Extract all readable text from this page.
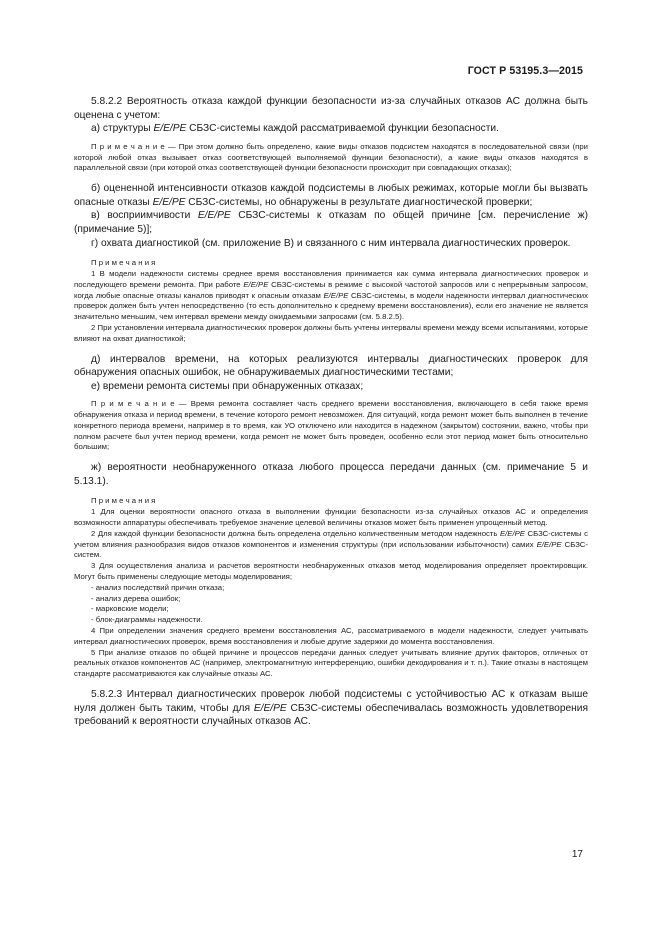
ГОСТ Р 53195.3—2015

5.8.2.2 Вероятность отказа каждой функции безопасности из-за случайных отказов АС должна быть оценена с учетом:

а) структуры E/E/PE СБЗС-системы каждой рассматриваемой функции безопасности.

П р и м е ч а н и е — При этом должно быть определено, какие виды отказов подсистем находятся в последовательной связи (при которой любой отказ вызывает отказ соответствующей выполняемой функции безопасности), а какие виды отказов находятся в параллельной связи (при которой отказ соответствующей функции безопасности происходит при совпадающих отказах);

б) оцененной интенсивности отказов каждой подсистемы в любых режимах, которые могли бы вызвать опасные отказы E/E/PE СБЗС-системы, но обнаружены в результате диагностической проверки;

в) восприимчивости E/E/PE СБЗС-системы к отказам по общей причине [см. перечисление ж) (примечание 5)];

г) охвата диагностикой (см. приложение В) и связанного с ним интервала диагностических проверок.

П р и м е ч а н и я

1 В модели надежности системы среднее время восстановления принимается как сумма интервала диагностических проверок и последующего времени ремонта. При работе E/E/PE СБЗС-системы в режиме с высокой частотой запросов или с непрерывным запросом, когда любые опасные отказы каналов приводят к опасным отказам E/E/PE СБЗС-системы, в модели надежности интервал диагностических проверок должен быть учтен непосредственно (то есть дополнительно к среднему времени восстановления), если его значение не является значительно меньшим, чем интервал времени между ожидаемыми запросами (см. 5.8.2.5).

2 При установлении интервала диагностических проверок должны быть учтены интервалы времени между всеми испытаниями, которые влияют на охват диагностикой;

д) интервалов времени, на которых реализуются интервалы диагностических проверок для обнаружения опасных ошибок, не обнаруживаемых диагностическими тестами;

е) времени ремонта системы при обнаруженных отказах;

П р и м е ч а н и е — Время ремонта составляет часть среднего времени восстановления, включающего в себя также время обнаружения отказа и период времени, в течение которого ремонт невозможен. Для ситуаций, когда ремонт может быть выполнен в течение конкретного периода времени, например в то время, как УО отключено или находится в надежном (закрытом) состоянии, важно, чтобы при полном расчете был учтен период времени, когда ремонт не может быть проведен, особенно если этот период может быть относительно большим;

ж) вероятности необнаруженного отказа любого процесса передачи данных (см. примечание 5 и 5.13.1).

П р и м е ч а н и я

1 Для оценки вероятности опасного отказа в выполнении функции безопасности из-за случайных отказов АС и определения возможности аппаратуры обеспечивать требуемое значение целевой величины отказов может быть применен упрощенный метод.

2 Для каждой функции безопасности должна быть определена отдельно количественным методом надежность E/E/PE СБЗС-системы с учетом влияния разнообразия видов отказов компонентов и изменения структуры (при использовании избыточности) самих E/E/PE СБЗС-систем.

3 Для осуществления анализа и расчетов вероятности необнаруженных отказов метод моделирования определяет проектировщик. Могут быть применены следующие методы моделирования;

- анализ последствий причин отказа;

- анализ дерева ошибок;

- марковские модели;

- блок-диаграммы надежности.

4 При определении значения среднего времени восстановления АС, рассматриваемого в модели надежности, следует учитывать интервал диагностических проверок, время восстановления и любые другие задержки до момента восстановления.

5 При анализе отказов по общей причине и процессов передачи данных следует учитывать влияние других факторов, отличных от реальных отказов компонентов АС (например, электромагнитную интерференцию, ошибки декодирования и т. п.). Такие отказы в настоящем стандарте рассматриваются как случайные отказы АС.

5.8.2.3 Интервал диагностических проверок любой подсистемы с устойчивостью АС к отказам выше нуля должен быть таким, чтобы для E/E/PE СБЗС-системы обеспечивалась возможность удовлетворения требований к вероятности случайных отказов АС.

17
